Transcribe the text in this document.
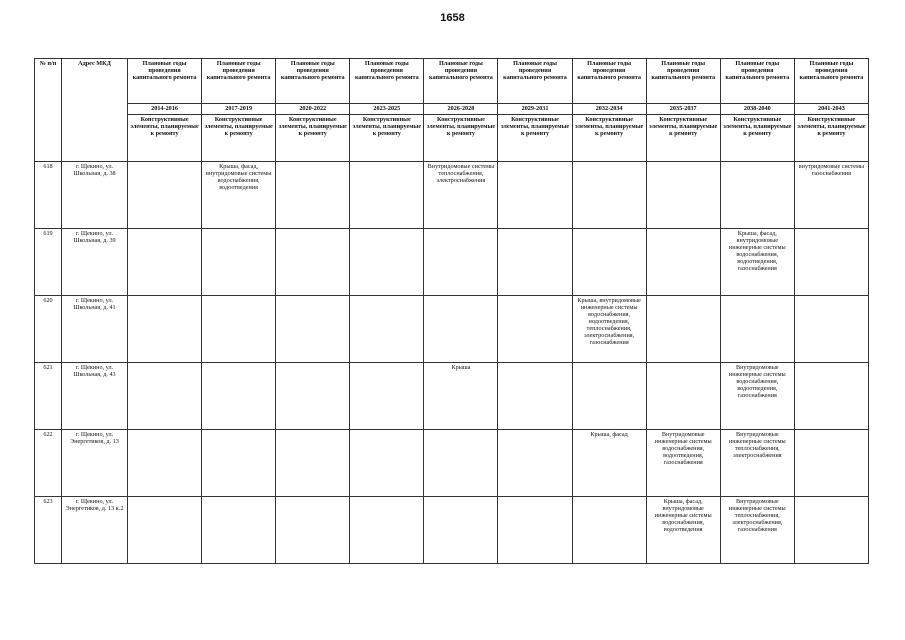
1658
№ п/п	Адрес МКД	Плановые годы проведения капитального ремонта	Плановые годы проведения капитального ремонта	Плановые годы проведения капитального ремонта	Плановые годы проведения капитального ремонта	Плановые годы проведения капитального ремонта	Плановые годы проведения капитального ремонта	Плановые годы проведения капитального ремонта	Плановые годы проведения капитального ремонта	Плановые годы проведения капитального ремонта	Плановые годы проведения капитального ремонта
		2014-2016	2017-2019	2020-2022	2023-2025	2026-2028	2029-2031	2032-2034	2035-2037	2038-2040	2041-2043
		Конструктивные элементы, планируемые к ремонту	Конструктивные элементы, планируемые к ремонту	Конструктивные элементы, планируемые к ремонту	Конструктивные элементы, планируемые к ремонту	Конструктивные элементы, планируемые к ремонту	Конструктивные элементы, планируемые к ремонту	Конструктивные элементы, планируемые к ремонту	Конструктивные элементы, планируемые к ремонту	Конструктивные элементы, планируемые к ремонту	Конструктивные элементы, планируемые к ремонту
618	г. Щекино, ул. Школьная, д. 38		Крыша, фасад, внутридомовые системы водоснабжения, водоотведения			Внутридомовые системы теплоснабжения, электроснабжения					внутридомовые системы газоснабжения
619	г. Щекино, ул. Школьная, д. 39									Крыша, фасад, внутридомовые инженерные системы водоснабжения, водоотведения, газоснабжения	
620	г. Щекино, ул. Школьная, д. 41							Крыша, внутридомовые инженерные системы водоснабжения, водоотведения, теплоснабжения, электроснабжения, газоснабжения			
621	г. Щекино, ул. Школьная, д. 43					Крыша				Внутридомовые инженерные системы водоснабжения, водоотведения, газоснабжения	
622	г. Щекино, ул. Энергетиков, д. 13							Крыша, фасад	Внутридомовые инженерные системы водоснабжения, водоотведения, газоснабжения	Внутридомовые инженерные системы теплоснабжения, электроснабжения	
623	г. Щекино, ул. Энергетиков, д. 13 к.2								Крыша, фасад, внутридомовые инженерные системы водоснабжения, водоотведения	Внутридомовые инженерные системы теплоснабжения, электроснабжения, газоснабжения	
